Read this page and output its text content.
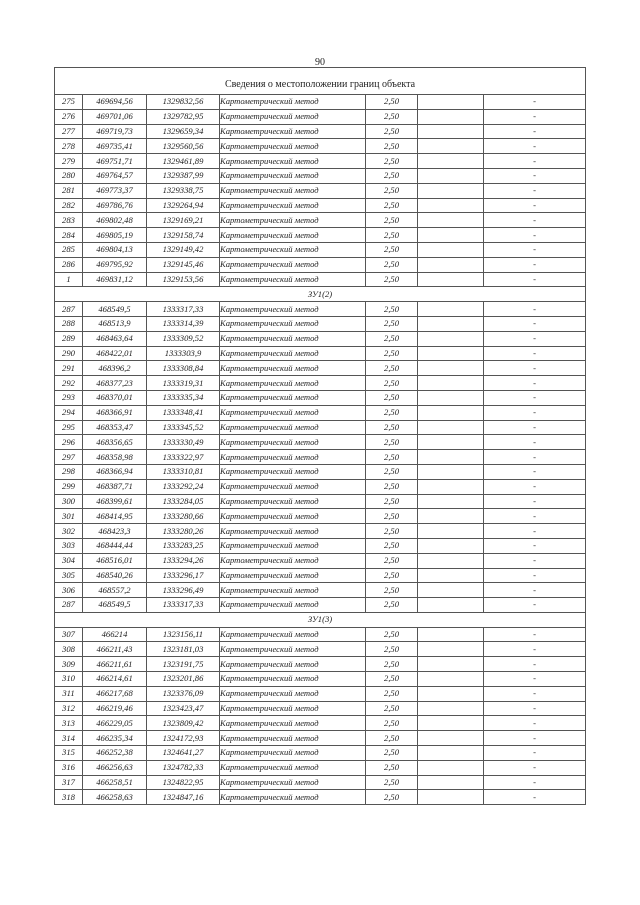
90

Сведения о местоположении границ объекта						
275	469694,56	1329832,56	Картометрический метод	2,50		-
276	469701,06	1329782,95	Картометрический метод	2,50		-
277	469719,73	1329659,34	Картометрический метод	2,50		-
278	469735,41	1329560,56	Картометрический метод	2,50		-
279	469751,71	1329461,89	Картометрический метод	2,50		-
280	469764,57	1329387,99	Картометрический метод	2,50		-
281	469773,37	1329338,75	Картометрический метод	2,50		-
282	469786,76	1329264,94	Картометрический метод	2,50		-
283	469802,48	1329169,21	Картометрический метод	2,50		-
284	469805,19	1329158,74	Картометрический метод	2,50		-
285	469804,13	1329149,42	Картометрический метод	2,50		-
286	469795,92	1329145,46	Картометрический метод	2,50		-
1	469831,12	1329153,56	Картометрический метод	2,50		-
ЗУ1(2)						
287	468549,5	1333317,33	Картометрический метод	2,50		-
288	468513,9	1333314,39	Картометрический метод	2,50		-
289	468463,64	1333309,52	Картометрический метод	2,50		-
290	468422,01	1333303,9	Картометрический метод	2,50		-
291	468396,2	1333308,84	Картометрический метод	2,50		-
292	468377,23	1333319,31	Картометрический метод	2,50		-
293	468370,01	1333335,34	Картометрический метод	2,50		-
294	468366,91	1333348,41	Картометрический метод	2,50		-
295	468353,47	1333345,52	Картометрический метод	2,50		-
296	468356,65	1333330,49	Картометрический метод	2,50		-
297	468358,98	1333322,97	Картометрический метод	2,50		-
298	468366,94	1333310,81	Картометрический метод	2,50		-
299	468387,71	1333292,24	Картометрический метод	2,50		-
300	468399,61	1333284,05	Картометрический метод	2,50		-
301	468414,95	1333280,66	Картометрический метод	2,50		-
302	468423,3	1333280,26	Картометрический метод	2,50		-
303	468444,44	1333283,25	Картометрический метод	2,50		-
304	468516,01	1333294,26	Картометрический метод	2,50		-
305	468540,26	1333296,17	Картометрический метод	2,50		-
306	468557,2	1333296,49	Картометрический метод	2,50		-
287	468549,5	1333317,33	Картометрический метод	2,50		-
ЗУ1(3)						
307	466214	1323156,11	Картометрический метод	2,50		-
308	466211,43	1323181,03	Картометрический метод	2,50		-
309	466211,61	1323191,75	Картометрический метод	2,50		-
310	466214,61	1323201,86	Картометрический метод	2,50		-
311	466217,68	1323376,09	Картометрический метод	2,50		-
312	466219,46	1323423,47	Картометрический метод	2,50		-
313	466229,05	1323809,42	Картометрический метод	2,50		-
314	466235,34	1324172,93	Картометрический метод	2,50		-
315	466252,38	1324641,27	Картометрический метод	2,50		-
316	466256,63	1324782,33	Картометрический метод	2,50		-
317	466258,51	1324822,95	Картометрический метод	2,50		-
318	466258,63	1324847,16	Картометрический метод	2,50		-
